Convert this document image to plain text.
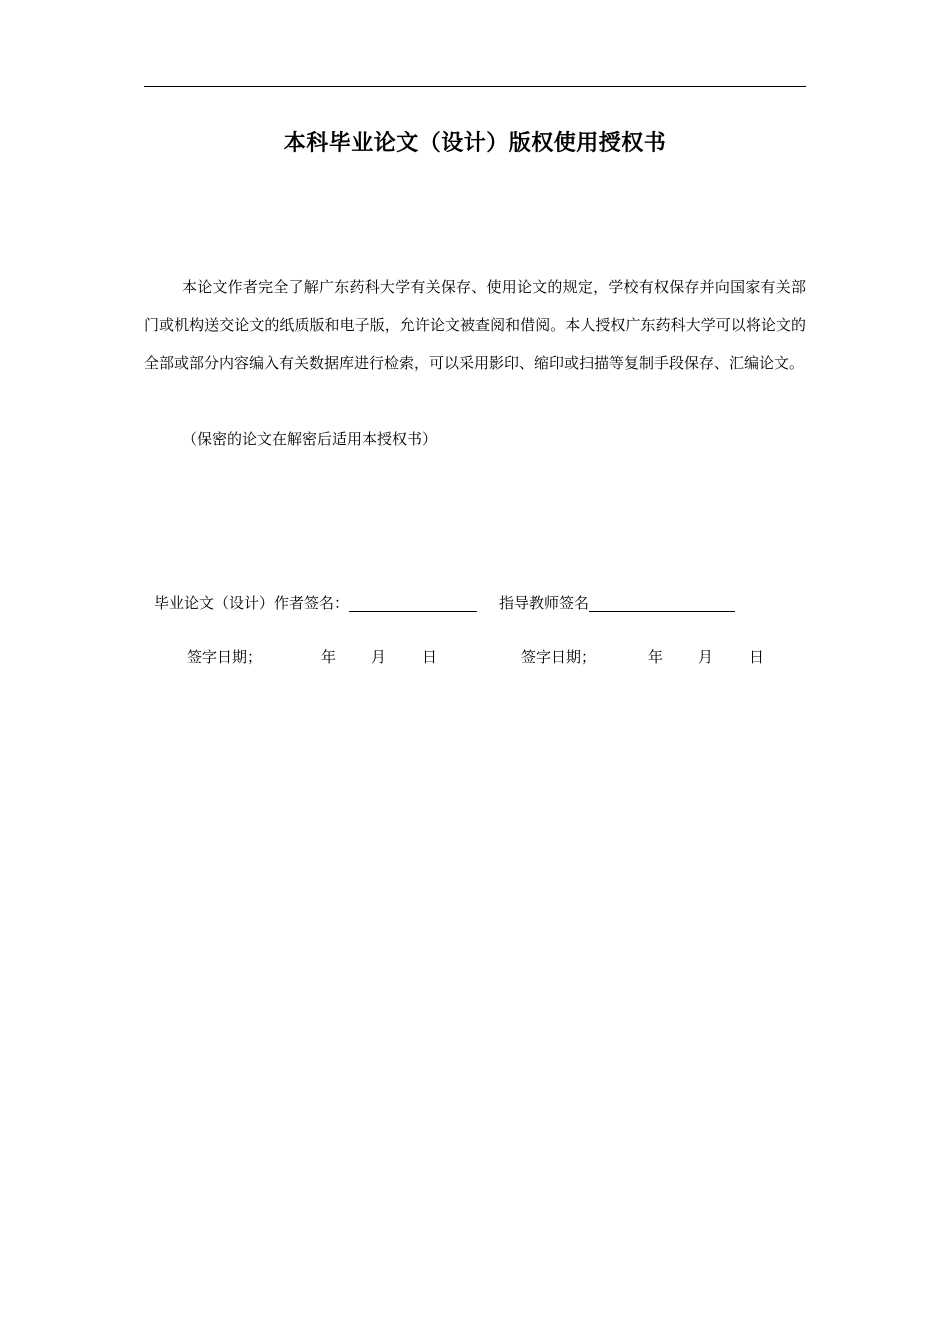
本科毕业论文（设计）版权使用授权书

本论文作者完全了解广东药科大学有关保存、使用论文的规定，学校有权保存并向国家有关部门或机构送交论文的纸质版和电子版，允许论文被查阅和借阅。本人授权广东药科大学可以将论文的全部或部分内容编入有关数据库进行检索，可以采用影印、缩印或扫描等复制手段保存、汇编论文。

（保密的论文在解密后适用本授权书）
毕业论文（设计）作者签名：	指导教师签名
签字日期；	年 月 日	签字日期；	年 月 日
